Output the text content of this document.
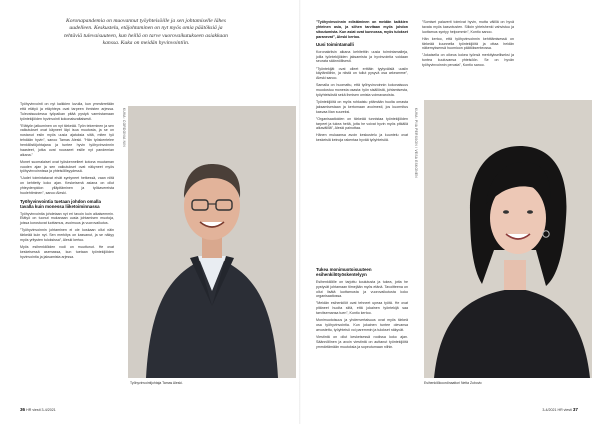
Koronapandemia on muovannut työyhteisöille ja sen johtamiselle lähes uudelleen. Keskustelu, etäjohtaminen on nyt myös omia päätöksiä ja tehtäviä tulevaisuuteen, kun heillä on tarve vuorovaikutukseen asiakkaan kanssa. Kuka on meidän hyvinvointiin.

Työhyvinvointi on nyt kaikkien luvulla, kun ymmärretään että etätyö ja etäyhteys ovat tarpeen ihmisten arjessa. Tulevaisuudessa työpaikan pitää pystyä varmistamaan työntekijöiden hyvinvointi kokonaisvaltaisesti.

”Etätyön jatkuminen on nyt tärkeää. Työn tekeminen ja sen vaikutukset ovat käyneet läpi isoa muutosta, ja se on nostanut esiin myös uusia ajatuksia siitä, miten työ tehdään hyvin”, sanoo Tamas Aleski. ”Hän työskentelee henkilöstöjohtajana ja tuntee hyvin työhyvinvoinnin haasteet, jotka ovat nousseet esille nyt pandemian aikana.”

Monet suomalaiset ovat työskennelleet kotona muutaman vuoden ajan ja sen vaikutukset ovat näkyneet myös työhyvinvoinnissa ja yhteisöllisyydessä.

”Uudet toimintatavat eivät syntyneet hetkessä, vaan niitä on kehitetty koko ajan. Keskeisenä asiana on ollut yhteydenpidon ylläpitäminen ja työkavereista huolehtiminen”, sanoo Aleski.

Työhyvinvointia tuetaan johdon omalla tavalla kuin monessa liiketoiminnassa

Työhyvinvointia johdetaan nyt eri tavoin kuin aikaisemmin. Etätyö on tuonut mukanaan uusia johtamisen muotoja, joissa korostuvat luottamus, avoimuus ja vuorovaikutus.

”Työhyvinvoinnin johtaminen ei ole koskaan ollut näin tärkeää kuin nyt. Sen merkitys on kasvanut, ja se näkyy myös yritysten tuloksissa”, Aleski kertoo.

Myös esihenkilöiden rooli on muuttunut. He ovat keskeisessä asemassa, kun tuetaan työntekijöiden hyvinvointia ja jaksamista arjessa.

KUVA: CORDONIA NIN
Työhyvinvointijohtaja Tamas Aleski.
36 HR viesti 3-4/2021

”Työhyvinvoinnin edistäminen on meidän kaikkien yhteinen asia, ja siihen tarvitaan myös johdon sitoutumista. Kun asiat ovat kunnossa, myös tulokset paranevat”, Aleski kertoo.

Uusi toimintamalli

Koronakriisin aikana kehitettiin uusia toimintamalleja, joilla työntekijöiden jaksamista ja hyvinvointia voidaan seurata säännöllisesti.

”Työntekijät ovat olleet erittäin tyytyväisiä uusiin käytäntöihin, ja niistä on tullut pysyvä osa arkeamme”, Aleski sanoo.

Samalla on huomattu, että työhyvinvoinnin kokonaisuus muodostuu monesta osasta: työn sisällöstä, johtamisesta, työyhteisöstä sekä ihmisen omista voimavaroista.

Työntekijöitä on myös rohkaistu pitämään huolta omasta jaksamisestaan ja kertomaan avoimesti, jos kuormitus kasvaa liian suureksi.

”Organisaatioiden on tärkeää tunnistaa työntekijöiden tarpeet ja tukea heitä, jotta he voivat hyvin myös pitkällä aikavälillä”, Aleski painottaa.

Hänen mukaansa avoin keskustelu ja kuuntelu ovat keskeisiä keinoja rakentaa hyvää työyhteisöä.

”Somiset palaverit toimivat hyvin, mutta välillä on hyvä tavata myös kasvotusten. Silloin yhteishenki vahvistuu ja luottamus syntyy helpommin”, Kontio sanoo.

Hän kertoo, että työhyvinvoinnin kehittämisessä on tärkeää kuunnella työntekijöitä ja ottaa heidän näkemyksensä huomioon päätöksenteossa.

”Jokaisella on oikeus kokea työnsä merkitykselliseksi ja tuntea kuuluvansa yhteisöön. Se on hyvän työhyvinvoinnin perusta”, Kontio sanoo.

Tukea monimuotoisuuteen esihenkilötyöskentelyyn

Esihenkilöille on tarjottu koulutusta ja tukea, jotta he pystyvät johtamaan tiimejään myös etänä. Tavoitteena on ollut lisätä luottamusta ja vuorovaikutusta koko organisaatiossa.

”Meidän esihenkilöt ovat tehneet upeaa työtä. He ovat pitäneet huolta siitä, että jokainen työntekijä saa tarvitsemansa tuen”, Kontio kertoo.

Monimuotoisuus ja yhdenvertaisuus ovat myös tärkeä osa työhyvinvointia. Kun jokainen tuntee olevansa arvostettu, työyhteisö voi paremmin ja tulokset näkyvät.

Viestintä on ollut keskeisessä roolissa koko ajan. Säännöllinen ja avoin viestintä on auttanut työntekijöitä ymmärtämään muutoksia ja sopeutumaan niihin.

KUVA: PIIA PERSSON / VESA ESKONEN
Esihenkilökoordinaattori Netta Zubovic
3-4/2021 HR viesti 37
